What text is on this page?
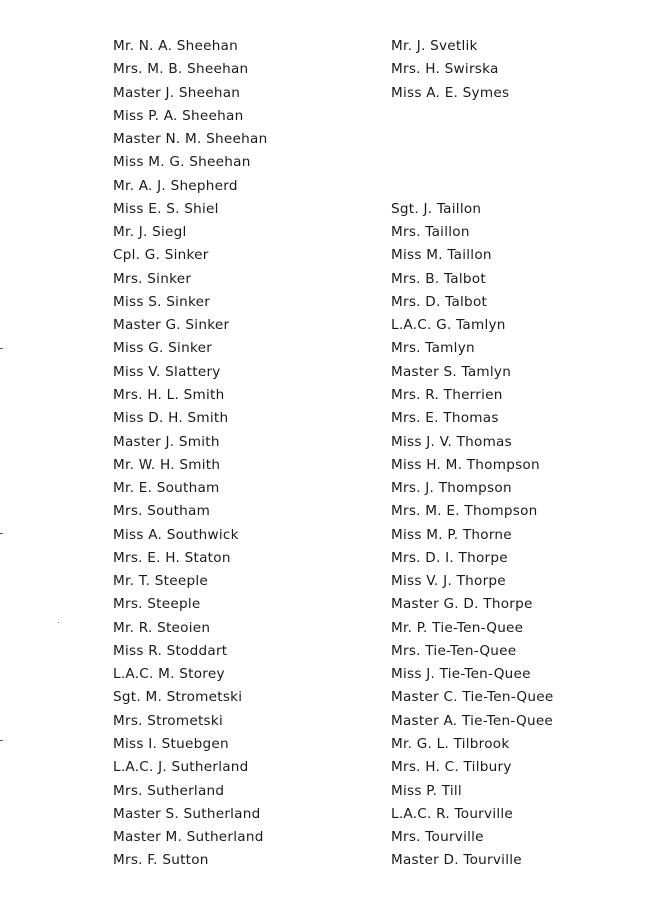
Mr. N. A. Sheehan
Mrs. M. B. Sheehan
Master J. Sheehan
Miss P. A. Sheehan
Master N. M. Sheehan
Miss M. G. Sheehan
Mr. A. J. Shepherd
Miss E. S. Shiel
Mr. J. Siegl
Cpl. G. Sinker
Mrs. Sinker
Miss S. Sinker
Master G. Sinker
Miss G. Sinker
Miss V. Slattery
Mrs. H. L. Smith
Miss D. H. Smith
Master J. Smith
Mr. W. H. Smith
Mr. E. Southam
Mrs. Southam
Miss A. Southwick
Mrs. E. H. Staton
Mr. T. Steeple
Mrs. Steeple
Mr. R. Steoien
Miss R. Stoddart
L.A.C. M. Storey
Sgt. M. Strometski
Mrs. Strometski
Miss I. Stuebgen
L.A.C. J. Sutherland
Mrs. Sutherland
Master S. Sutherland
Master M. Sutherland
Mrs. F. Sutton
Mr. J. Svetlik
Mrs. H. Swirska
Miss A. E. Symes
Sgt. J. Taillon
Mrs. Taillon
Miss M. Taillon
Mrs. B. Talbot
Mrs. D. Talbot
L.A.C. G. Tamlyn
Mrs. Tamlyn
Master S. Tamlyn
Mrs. R. Therrien
Mrs. E. Thomas
Miss J. V. Thomas
Miss H. M. Thompson
Mrs. J. Thompson
Mrs. M. E. Thompson
Miss M. P. Thorne
Mrs. D. I. Thorpe
Miss V. J. Thorpe
Master G. D. Thorpe
Mr. P. Tie-Ten-Quee
Mrs. Tie-Ten-Quee
Miss J. Tie-Ten-Quee
Master C. Tie-Ten-Quee
Master A. Tie-Ten-Quee
Mr. G. L. Tilbrook
Mrs. H. C. Tilbury
Miss P. Till
L.A.C. R. Tourville
Mrs. Tourville
Master D. Tourville
